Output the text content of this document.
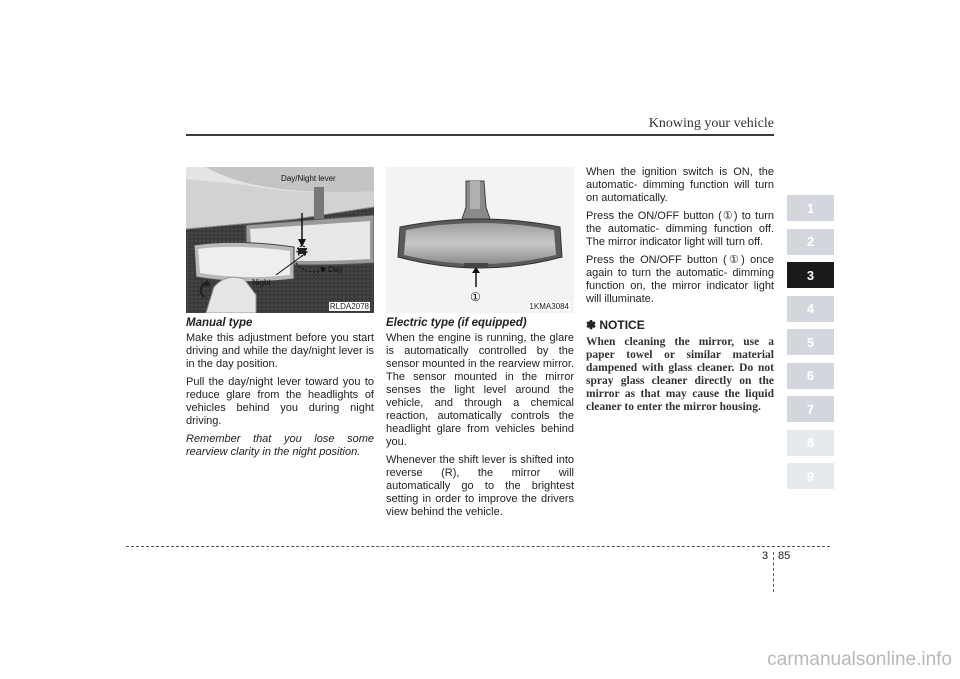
Knowing your vehicle
Day/Night lever
Day
Night
RLDA2078
Manual type

Make this adjustment before you start driving and while the day/night lever is in the day position.

Pull the day/night lever toward you to reduce glare from the headlights of vehicles behind you during night driving.

Remember that you lose some rearview clarity in the night position.

①
1KMA3084
Electric type (if equipped)

When the engine is running, the glare is automatically controlled by the sensor mounted in the rearview mirror. The sensor mounted in the mirror senses the light level around the vehicle, and through a chemical reaction, automatically controls the headlight glare from vehicles behind you.

Whenever the shift lever is shifted into reverse (R), the mirror will automatically go to the brightest setting in order to improve the drivers view behind the vehicle.

When the ignition switch is ON, the automatic- dimming function will turn on automatically.

Press the ON/OFF button (①) to turn the automatic- dimming function off. The mirror indicator light will turn off.

Press the ON/OFF button (①) once again to turn the automatic- dimming function on, the mirror indicator light will illuminate.

✽ NOTICE
When cleaning the mirror, use a paper towel or similar material dampened with glass cleaner. Do not spray glass cleaner directly on the mirror as that may cause the liquid cleaner to enter the mirror housing.
1
2
3
4
5
6
7
8
9
3 85
carmanualsonline.info
